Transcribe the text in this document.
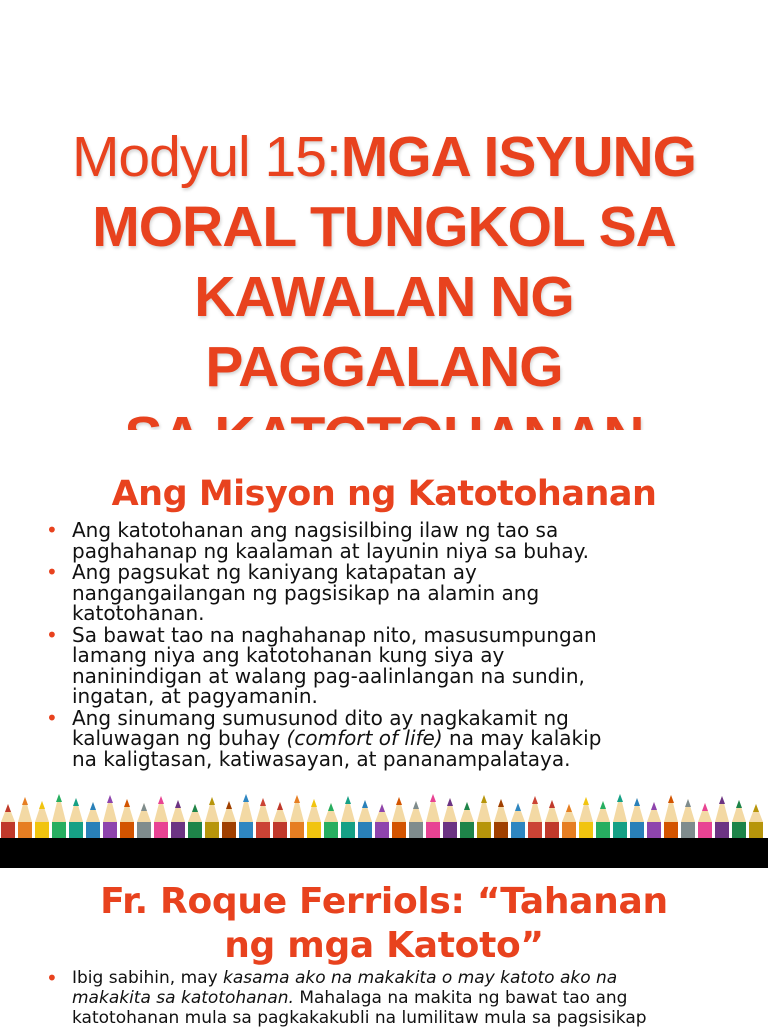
Modyul 15:MGA ISYUNG
MORAL TUNGKOL SA
KAWALAN NG PAGGALANG
Ang Misyon ng Katotohanan
• Ang katotohanan ang nagsisilbing ilaw ng tao sa
paghahanap ng kaalaman at layunin niya sa buhay.
• Ang pagsukat ng kaniyang katapatan ay
nangangailangan ng pagsisikap na alamin ang
katotohanan.
• Sa bawat tao na naghahanap nito, masusumpungan
lamang niya ang katotohanan kung siya ay
naninindigan at walang pag-aalinlangan na sundin,
ingatan, at pagyamanin.
• Ang sinumang sumusunod dito ay nagkakamit ng
kaluwagan ng buhay (comfort of life) na may kalakip
na kaligtasan, katiwasayan, at pananampalataya.
Fr. Roque Ferriols: “Tahanan
ng mga Katoto”
• Ibig sabihin, may kasama ako na makakita o may katoto ako na
makakita sa katotohanan. Mahalaga na makita ng bawat tao ang
katotohanan mula sa pagkakakubli na lumilitaw mula sa pagsisikap
